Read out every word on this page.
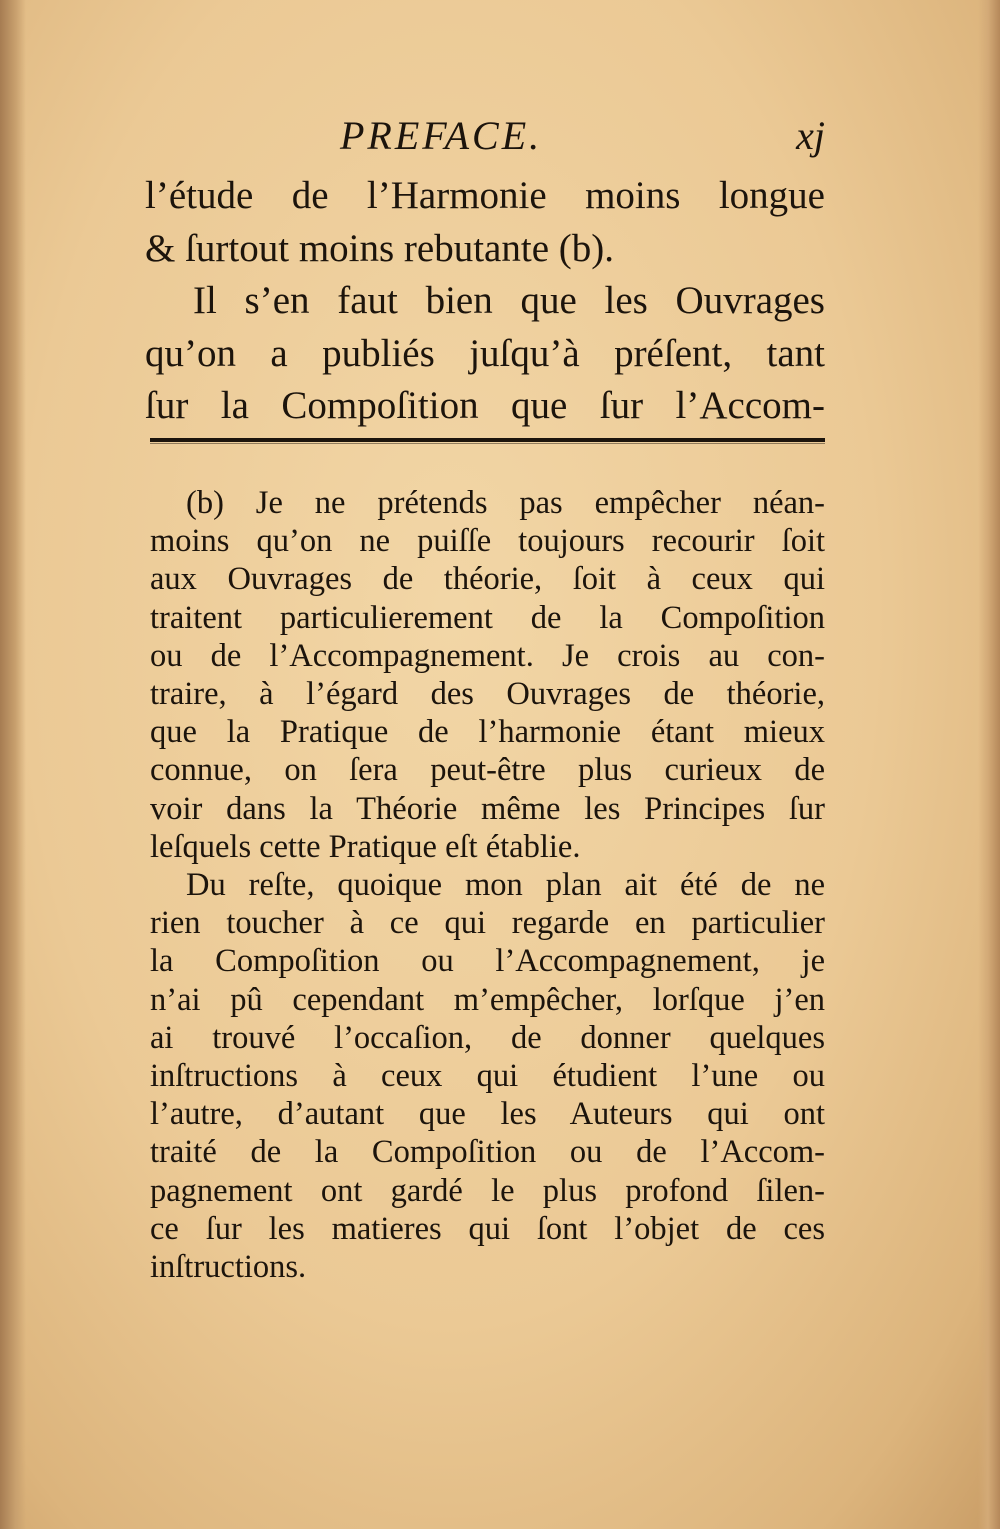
PREFACE.	xj
l’étude de l’Harmonie moins longue
& ſurtout moins rebutante (b).
Il s’en faut bien que les Ouvrages
qu’on a publiés juſqu’à préſent, tant
ſur la Compoſition que ſur l’Accom-
(b) Je ne prétends pas empêcher néan-
moins qu’on ne puiſſe toujours recourir ſoit
aux Ouvrages de théorie, ſoit à ceux qui
traitent particulierement de la Compoſition
ou de l’Accompagnement. Je crois au con-
traire, à l’égard des Ouvrages de théorie,
que la Pratique de l’harmonie étant mieux
connue, on ſera peut-être plus curieux de
voir dans la Théorie même les Principes ſur
leſquels cette Pratique eſt établie.
Du reſte, quoique mon plan ait été de ne
rien toucher à ce qui regarde en particulier
la Compoſition ou l’Accompagnement, je
n’ai pû cependant m’empêcher, lorſque j’en
ai trouvé l’occaſion, de donner quelques
inſtructions à ceux qui étudient l’une ou
l’autre, d’autant que les Auteurs qui ont
traité de la Compoſition ou de l’Accom-
pagnement ont gardé le plus profond ſilen-
ce ſur les matieres qui ſont l’objet de ces
inſtructions.
